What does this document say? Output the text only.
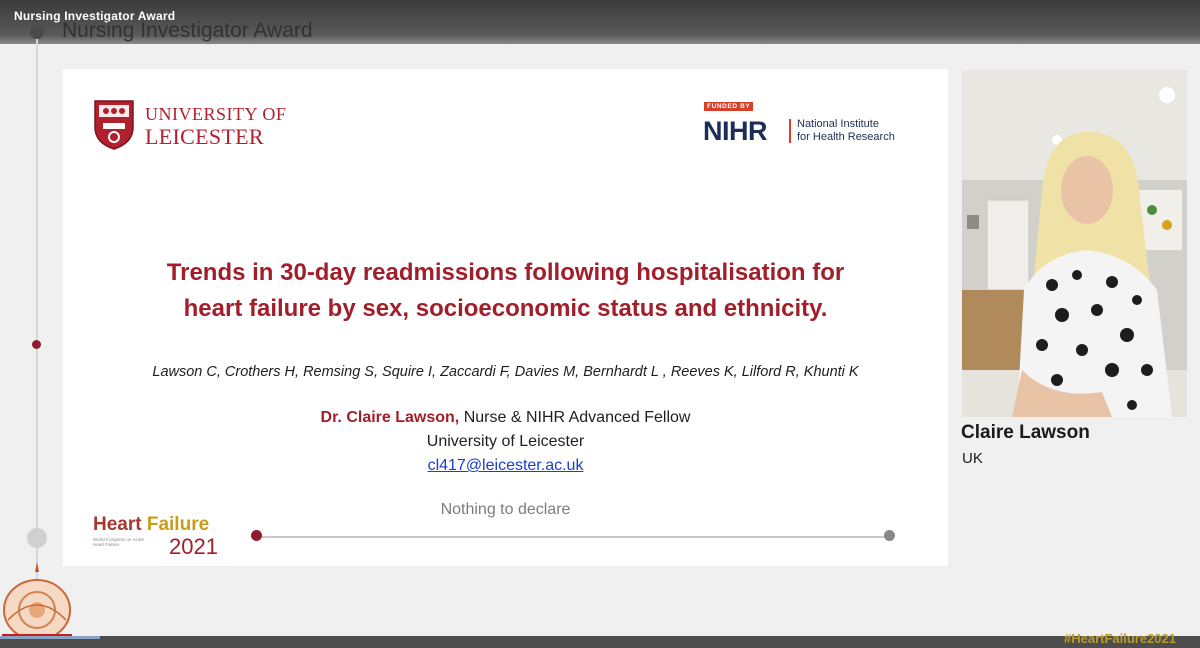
Nursing Investigator Award
Nursing Investigator Award
UNIVERSITY OF
LEICESTER
FUNDED BY
NIHR	National Institute
for Health Research
Trends in 30-day readmissions following hospitalisation for
heart failure by sex, socioeconomic status and ethnicity.
Lawson C, Crothers H, Remsing S, Squire I, Zaccardi F, Davies M, Bernhardt L , Reeves K, Lilford R, Khunti K
Dr. Claire Lawson, Nurse & NIHR Advanced Fellow
University of Leicester
cl417@leicester.ac.uk
Nothing to declare
Heart Failure
World Congress on Acute Heart Failure	2021
Claire Lawson
UK
#HeartFailure2021
